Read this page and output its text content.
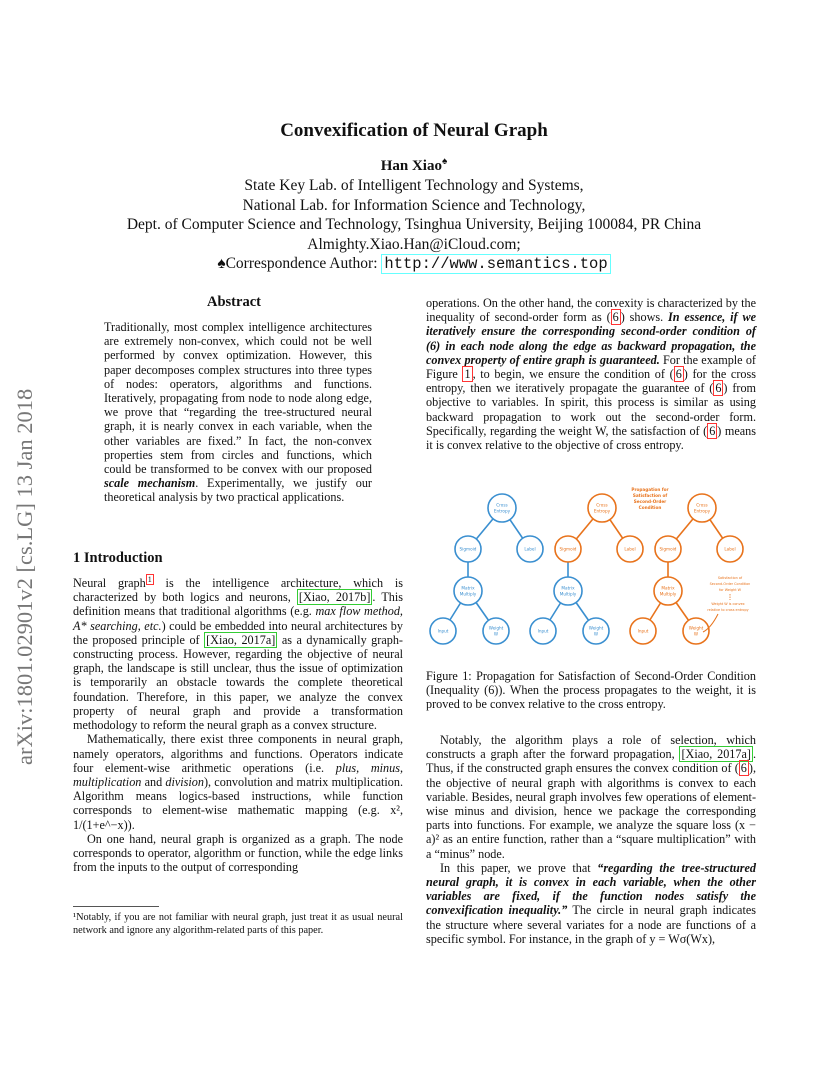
arXiv:1801.02901v2 [cs.LG] 13 Jan 2018
Convexification of Neural Graph
Han Xiao♠
State Key Lab. of Intelligent Technology and Systems,
National Lab. for Information Science and Technology,
Dept. of Computer Science and Technology, Tsinghua University, Beijing 100084, PR China
Almighty.Xiao.Han@iCloud.com;
♠Correspondence Author: http://www.semantics.top
Abstract
Traditionally, most complex intelligence architectures are extremely non-convex, which could not be well performed by convex optimization. However, this paper decomposes complex structures into three types of nodes: operators, algorithms and functions. Iteratively, propagating from node to node along edge, we prove that “regarding the tree-structured neural graph, it is nearly convex in each variable, when the other variables are fixed.” In fact, the non-convex properties stem from circles and functions, which could be transformed to be convex with our proposed scale mechanism. Experimentally, we justify our theoretical analysis by two practical applications.
1 Introduction

Neural graph $^1$ is the intelligence architecture, which is characterized by both logics and neurons, [Xiao, 2017b] . This definition means that traditional algorithms (e.g. max flow method, A* searching, etc.) could be embedded into neural architectures by the proposed principle of [Xiao, 2017a] as a dynamically graph-constructing process. However, regarding the objective of neural graph, the landscape is still unclear, thus the issue of optimization is temporarily an obstacle towards the complete theoretical foundation. Therefore, in this paper, we analyze the convex property of neural graph and provide a transformation methodology to reform the neural graph as a convex structure.

Mathematically, there exist three components in neural graph, namely operators, algorithms and functions. Operators indicate four element-wise arithmetic operations (i.e. plus, minus, multiplication and division), convolution and matrix multiplication. Algorithm means logics-based instructions, while function corresponds to element-wise mathematic mapping (e.g. x², 1/(1+e^−x)).

On one hand, neural graph is organized as a graph. The node corresponds to operator, algorithm or function, while the edge links from the inputs to the output of corresponding

¹Notably, if you are not familiar with neural graph, just treat it as usual neural network and ignore any algorithm-related parts of this paper.
operations. On the other hand, the convexity is characterized by the inequality of second-order form as ( 6 ) shows. In essence, if we iteratively ensure the corresponding second-order condition of (6) in each node along the edge as backward propagation, the convex property of entire graph is guaranteed. For the example of Figure 1 , to begin, we ensure the condition of ( 6 ) for the cross entropy, then we iteratively propagate the guarantee of ( 6 ) from objective to variables. In spirit, this process is similar as using backward propagation to work out the second-order form. Specifically, regarding the weight W, the satisfaction of ( 6 ) means it is convex relative to the objective of cross entropy.
Cross Entropy
Sigmoid	Label
Matrix Multiply
Input
Weight W
Cross Entropy
Sigmoid	Label
Matrix Multiply
Input
Weight W
Cross Entropy
Sigmoid	Label
Matrix Multiply
Input
Weight W
Propagation for Satisfaction of Second-Order Condition
Satisfaction of Second-Order Condition for Weight W
Weight W is convex relative to cross entropy
Figure 1: Propagation for Satisfaction of Second-Order Condition (Inequality (6)). When the process propagates to the weight, it is proved to be convex relative to the cross entropy.

Notably, the algorithm plays a role of selection, which constructs a graph after the forward propagation, [Xiao, 2017a] . Thus, if the constructed graph ensures the convex condition of ( 6 ), the objective of neural graph with algorithms is convex to each variable. Besides, neural graph involves few operations of element-wise minus and division, hence we package the corresponding parts into functions. For example, we analyze the square loss (x − a)² as an entire function, rather than a “square multiplication” with a “minus” node.

In this paper, we prove that “regarding the tree-structured neural graph, it is convex in each variable, when the other variables are fixed, if the function nodes satisfy the convexification inequality.” The circle in neural graph indicates the structure where several variates for a node are functions of a specific symbol. For instance, in the graph of y = Wσ(Wx),
